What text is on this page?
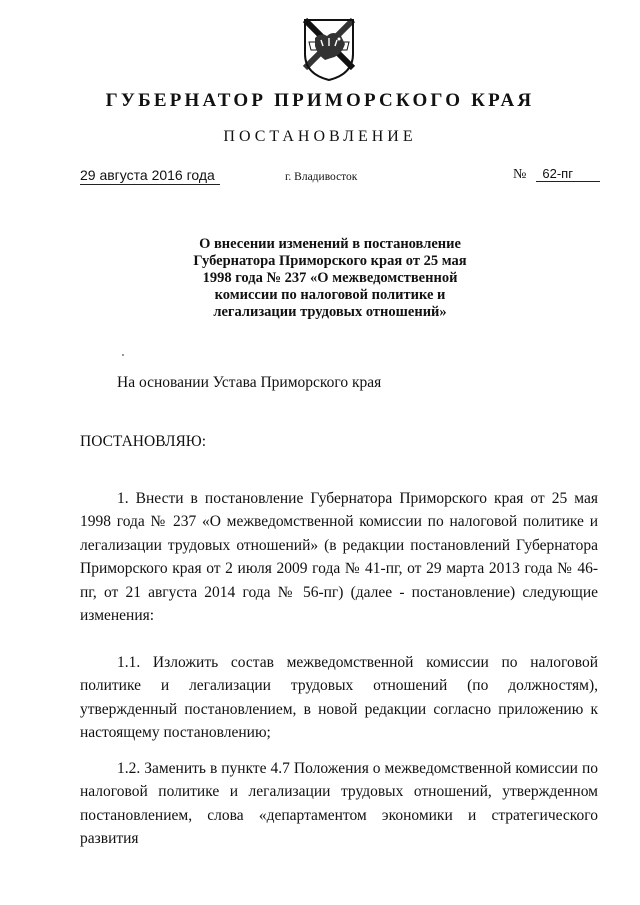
ГУБЕРНАТОР ПРИМОРСКОГО КРАЯ
ПОСТАНОВЛЕНИЕ
29 августа 2016 года	г. Владивосток	№ 62-пг
О внесении изменений в постановление Губернатора Приморского края от 25 мая 1998 года № 237 «О межведомственной комиссии по налоговой политике и легализации трудовых отношений»
На основании Устава Приморского края
ПОСТАНОВЛЯЮ:

1. Внести в постановление Губернатора Приморского края от 25 мая 1998 года № 237 «О межведомственной комиссии по налоговой политике и легализации трудовых отношений» (в редакции постановлений Губернатора Приморского края от 2 июля 2009 года № 41-пг, от 29 марта 2013 года № 46-пг, от 21 августа 2014 года № 56-пг) (далее - постановление) следующие изменения:

1.1. Изложить состав межведомственной комиссии по налоговой политике и легализации трудовых отношений (по должностям), утвержденный постановлением, в новой редакции согласно приложению к настоящему постановлению;

1.2. Заменить в пункте 4.7 Положения о межведомственной комиссии по налоговой политике и легализации трудовых отношений, утвержденном постановлением, слова «департаментом экономики и стратегического развития
